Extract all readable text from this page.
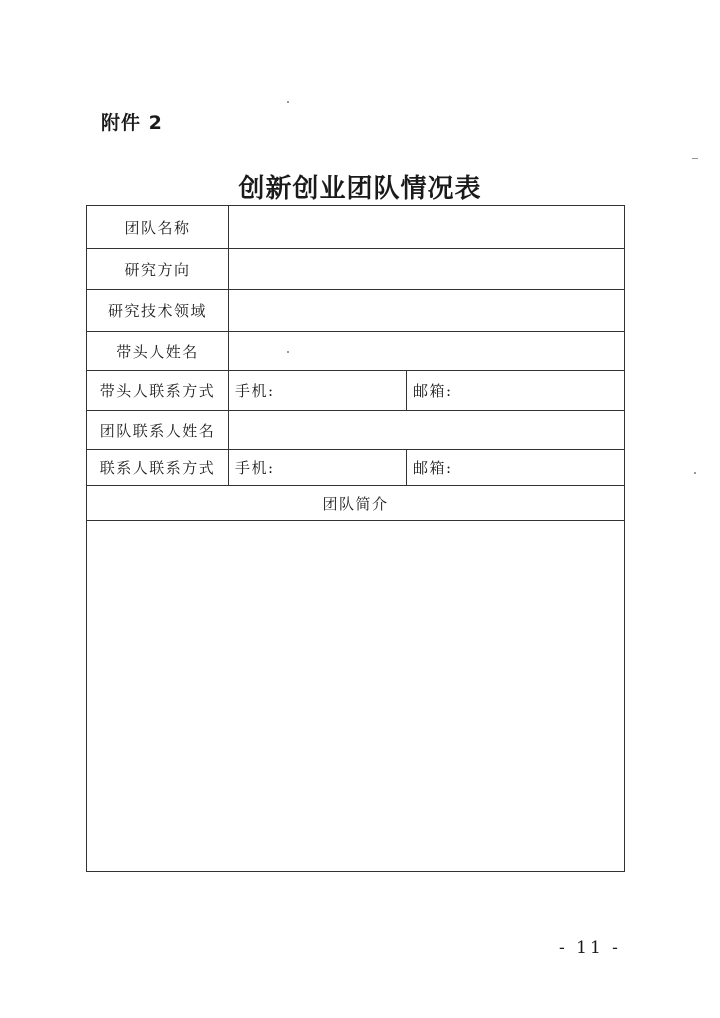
附件 2
创新创业团队情况表
团队名称		
研究方向		
研究技术领域		
带头人姓名		
带头人联系方式	手机:	邮箱:
团队联系人姓名		
联系人联系方式	手机:	邮箱:
团队简介		

- 11 -
